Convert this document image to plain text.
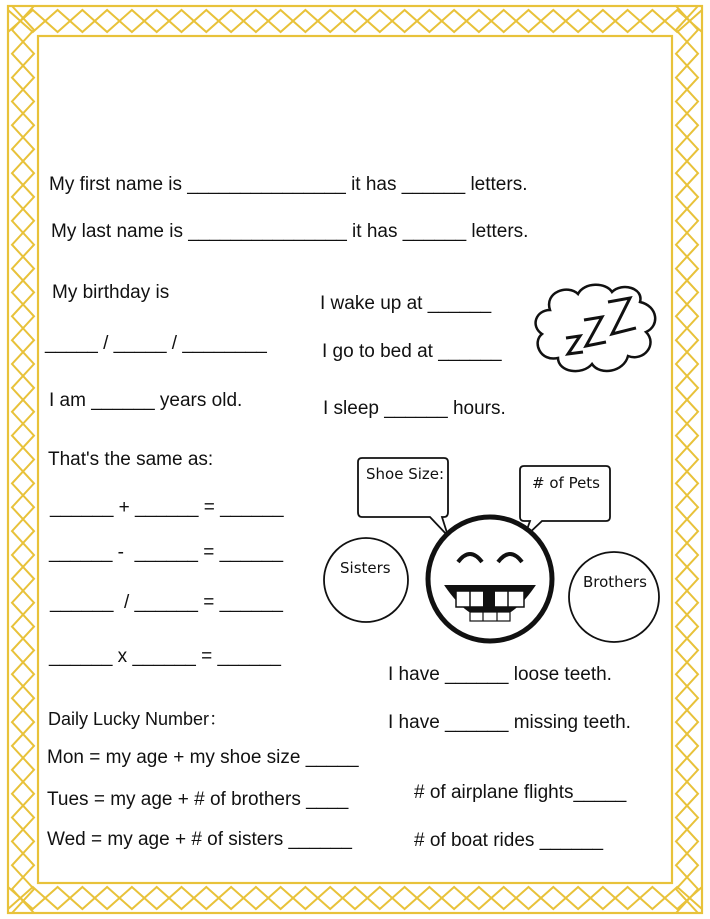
My first name is _______________ it has ______ letters.
My last name is _______________ it has ______ letters.
My birthday is
_____ / _____ / ________
I am ______ years old.
I wake up at ______
I go to bed at ______
I sleep ______ hours.
That's the same as:
______ + ______ = ______
______ -  ______ = ______
______  / ______ = ______
______ x ______ = ______
Shoe Size:	# of Pets
Sisters
Brothers
I have ______ loose teeth.
I have ______ missing teeth.
Daily Lucky Number：
Mon = my age + my shoe size _____
Tues = my age + # of brothers ____
Wed = my age + # of sisters ______
# of airplane flights_____
# of boat rides ______
